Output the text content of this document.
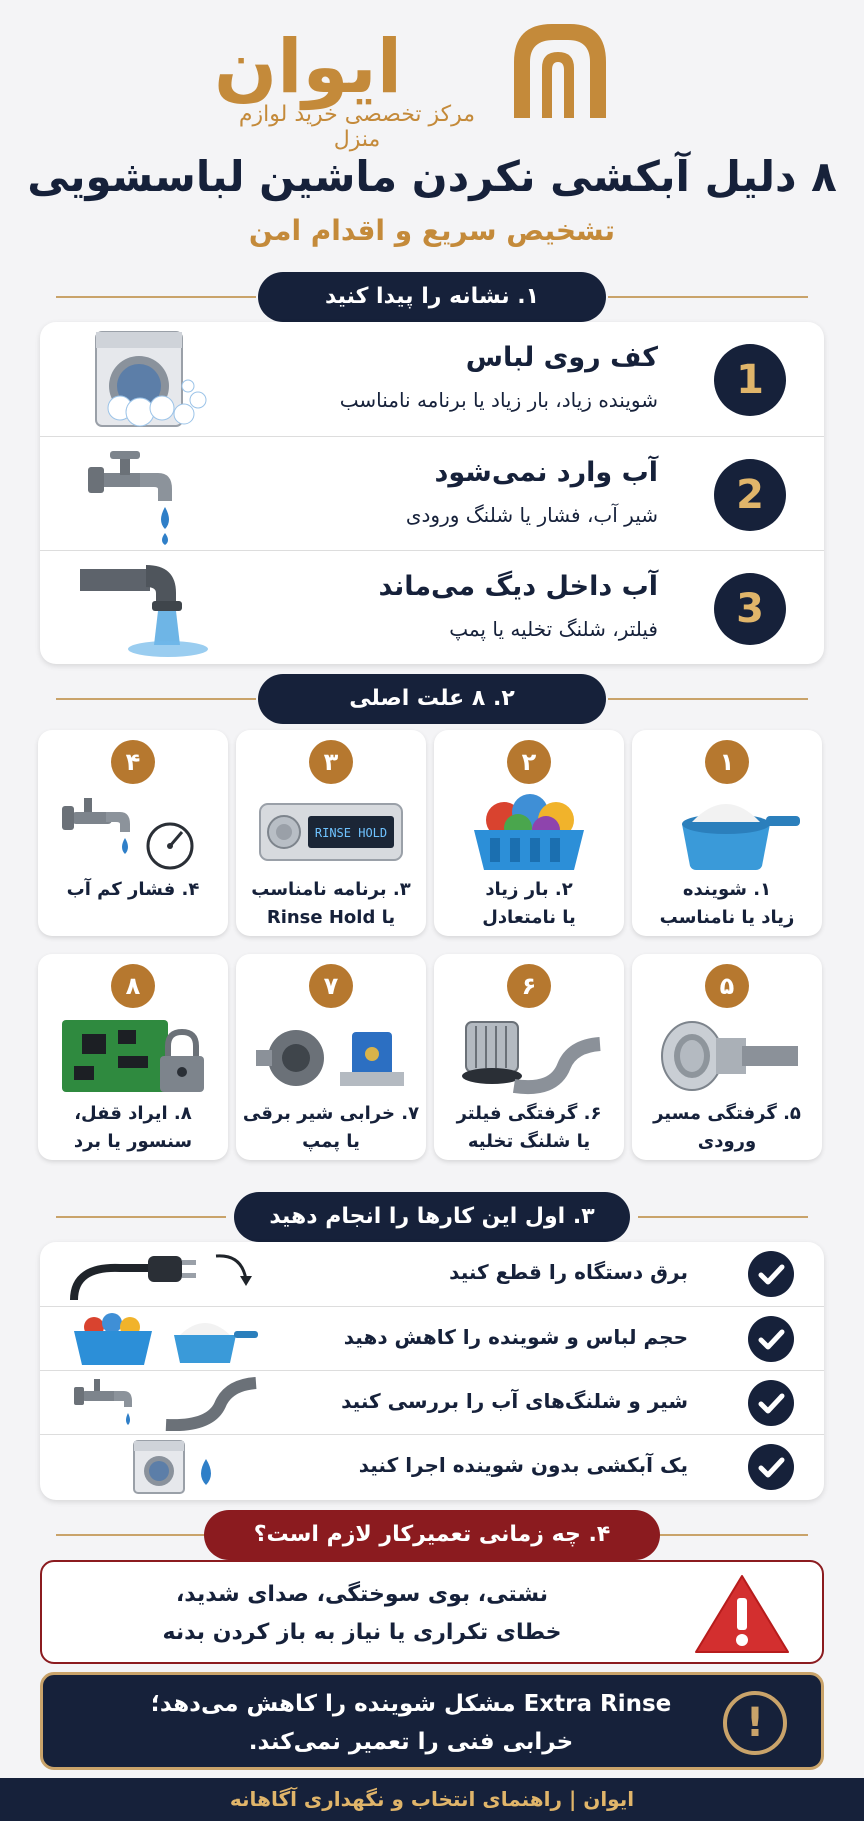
ایوان
مرکز تخصصی خرید لوازم منزل
۸ دلیل آبکشی نکردن ماشین لباسشویی
تشخیص سریع و اقدام امن
۱. نشانه را پیدا کنید
1
کف روی لباس
شوینده زیاد، بار زیاد یا برنامه نامناسب
2
آب وارد نمی‌شود
شیر آب، فشار یا شلنگ ورودی
3
آب داخل دیگ می‌ماند
فیلتر، شلنگ تخلیه یا پمپ
۲. ۸ علت اصلی
۱
۱. شوینده
زیاد یا نامناسب
۲
۲. بار زیاد
یا نامتعادل
۳
RINSE HOLD
۳. برنامه نامناسب
یا Rinse Hold
۴
۴. فشار کم آب
۵
۵. گرفتگی مسیر
ورودی
۶
۶. گرفتگی فیلتر
یا شلنگ تخلیه
۷
۷. خرابی شیر برقی
یا پمپ
۸
۸. ایراد قفل،
سنسور یا برد
۳. اول این کارها را انجام دهید
برق دستگاه را قطع کنید
حجم لباس و شوینده را کاهش دهید
شیر و شلنگ‌های آب را بررسی کنید
یک آبکشی بدون شوینده اجرا کنید
۴. چه زمانی تعمیرکار لازم است؟
نشتی، بوی سوختگی، صدای شدید،
خطای تکراری یا نیاز به باز کردن بدنه
!
Extra Rinse مشکل شوینده را کاهش می‌دهد؛
خرابی فنی را تعمیر نمی‌کند.
ایوان | راهنمای انتخاب و نگهداری آگاهانه
